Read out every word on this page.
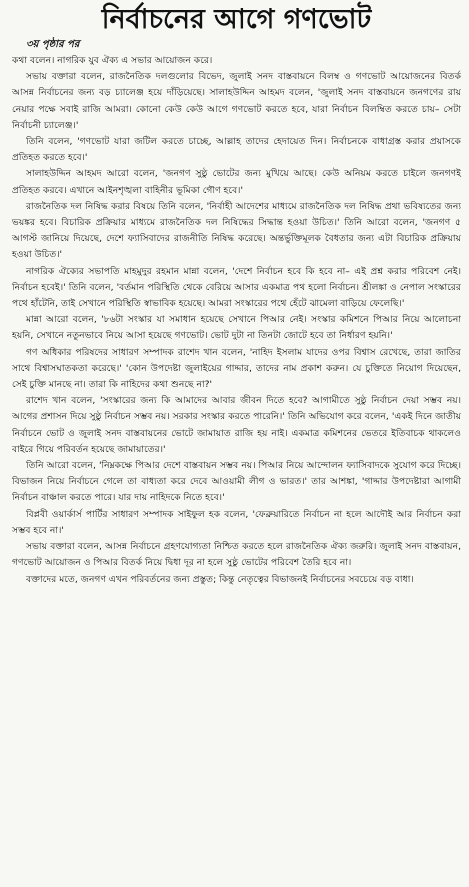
নির্বাচনের আগে গণভোট
৩য় পৃষ্ঠার পর

কথা বলেন। নাগরিক যুব ঐক্য এ সভার আয়োজন করে।

সভায় বক্তারা বলেন, রাজনৈতিক দলগুলোর বিভেদ, জুলাই সনদ বাস্তবায়নে বিলম্ব ও গণভোট আয়োজনের বিতর্ক আসন্ন নির্বাচনের জন্য বড় চ্যালেঞ্জ হয়ে দাঁড়িয়েছে। সালাহউদ্দিন আহমদ বলেন, 'জুলাই সনদ বাস্তবায়নে জনগণের রায় নেয়ার পক্ষে সবাই রাজি আমরা। কোনো কেউ কেউ আগে গণভোট করতে হবে, যারা নির্বাচন বিলম্বিত করতে চায়– সেটা নির্বাচনী চ্যালেঞ্জ।'

তিনি বলেন, 'গণভোট যারা জটিল করতে চাচ্ছে, আল্লাহ তাদের হেদায়েত দিন। নির্বাচনকে বাধাগ্রস্ত করার প্রয়াসকে প্রতিহত করতে হবে।'

সালাহউদ্দিন আহমদ আরো বলেন, 'জনগণ সুষ্ঠু ভোটের জন্য মুখিয়ে আছে। কেউ অনিয়ম করতে চাইলে জনগণই প্রতিহত করবে। এখানে আইনশৃঙ্খলা বাহিনীর ভূমিকা গৌণ হবে।'

রাজনৈতিক দল নিষিদ্ধ করার বিষয়ে তিনি বলেন, 'নির্বাহী আদেশের মাধ্যমে রাজনৈতিক দল নিষিদ্ধ প্রথা ভবিষ্যতের জন্য ভয়ঙ্কর হবে। বিচারিক প্রক্রিয়ার মাধ্যমে রাজনৈতিক দল নিষিদ্ধের সিদ্ধান্ত হওয়া উচিত।' তিনি আরো বলেন, 'জনগণ ৫ আগস্ট জানিয়ে দিয়েছে, দেশে ফ্যাসিবাদের রাজনীতি নিষিদ্ধ করেছে। অন্তর্ভুক্তিমূলক বৈধতার জন্য এটা বিচারিক প্রক্রিয়ায় হওয়া উচিত।'

নাগরিক ঐক্যের সভাপতি মাহমুদুর রহমান মান্না বলেন, 'দেশে নির্বাচন হবে কি হবে না– এই প্রশ্ন করার পরিবেশ নেই। নির্বাচন হবেই।' তিনি বলেন, 'বর্তমান পরিস্থিতি থেকে বেরিয়ে আসার একমাত্র পথ হলো নির্বাচন। শ্রীলঙ্কা ও নেপাল সংস্কারের পথে হাঁটেনি, তাই সেখানে পরিস্থিতি স্বাভাবিক হয়েছে। আমরা সংস্কারের পথে হেঁটে ঝামেলা বাড়িয়ে ফেলেছি।'

মান্না আরো বলেন, '৮৬টা সংস্কার যা সমাধান হয়েছে সেখানে পিআর নেই। সংস্কার কমিশনে পিআর নিয়ে আলোচনা হয়নি, সেখানে নতুনভাবে নিয়ে আসা হয়েছে গণভোট। ভোট দুটা না তিনটা জোটে হবে তা নির্ধারণ হয়নি।'

গণ অধিকার পরিষদের সাধারণ সম্পাদক রাশেদ খান বলেন, 'নাহিদ ইসলাম যাদের ওপর বিশ্বাস রেখেছে, তারা জাতির সাথে বিশ্বাসঘাতকতা করেছে।' 'কোন উপদেষ্টা জুলাইয়ের গাদ্দার, তাদের নাম প্রকাশ করুন। যে চুক্তিতে নিয়োগ দিয়েছেন, সেই চুক্তি মানছে না। তারা কি নাহিদের কথা শুনছে না?'

রাশেদ খান বলেন, 'সংস্কারের জন্য কি আমাদের আবার জীবন দিতে হবে? আগামীতে সুষ্ঠু নির্বাচন দেয়া সম্ভব নয়। আগের প্রশাসন দিয়ে সুষ্ঠু নির্বাচন সম্ভব নয়। সরকার সংস্কার করতে পারেনি।' তিনি অভিযোগ করে বলেন, 'একই দিনে জাতীয় নির্বাচনে ভোট ও জুলাই সনদ বাস্তবায়নের ভোটে জামায়াত রাজি হয় নাই। একমাত্র কমিশনের ভেতরে ইতিবাচক থাকলেও বাইরে গিয়ে পরিবর্তন হয়েছে জামায়াতের।'

তিনি আরো বলেন, 'নিম্নকক্ষে পিআর দেশে বাস্তবায়ন সম্ভব নয়। পিআর নিয়ে আন্দোলন ফ্যাসিবাদকে সুযোগ করে দিচ্ছে। বিভাজন নিয়ে নির্বাচনে গেলে তা বাধ্যতা করে দেবে আওয়ামী লীগ ও ভারত।' তার আশঙ্কা, 'গাদ্দার উপদেষ্টারা আগামী নির্বাচন বাঞ্চাল করতে পারে। যার দায় নাহিদকে নিতে হবে।'

বিপ্লবী ওয়ার্কার্স পার্টির সাধারণ সম্পাদক সাইফুল হক বলেন, 'ফেব্রুয়ারিতে নির্বাচন না হলে আদৌই আর নির্বাচন করা সম্ভব হবে না।'

সভায় বক্তারা বলেন, আসন্ন নির্বাচনে গ্রহণযোগ্যতা নিশ্চিত করতে হলে রাজনৈতিক ঐক্য জরুরি। জুলাই সনদ বাস্তবায়ন, গণভোট আয়োজন ও পিআর বিতর্ক নিয়ে দ্বিধা দূর না হলে সুষ্ঠু ভোটের পরিবেশ তৈরি হবে না।

বক্তাদের মতে, জনগণ এখন পরিবর্তনের জন্য প্রস্তুত; কিন্তু নেতৃত্বের বিভাজনই নির্বাচনের সবচেয়ে বড় বাধা।
